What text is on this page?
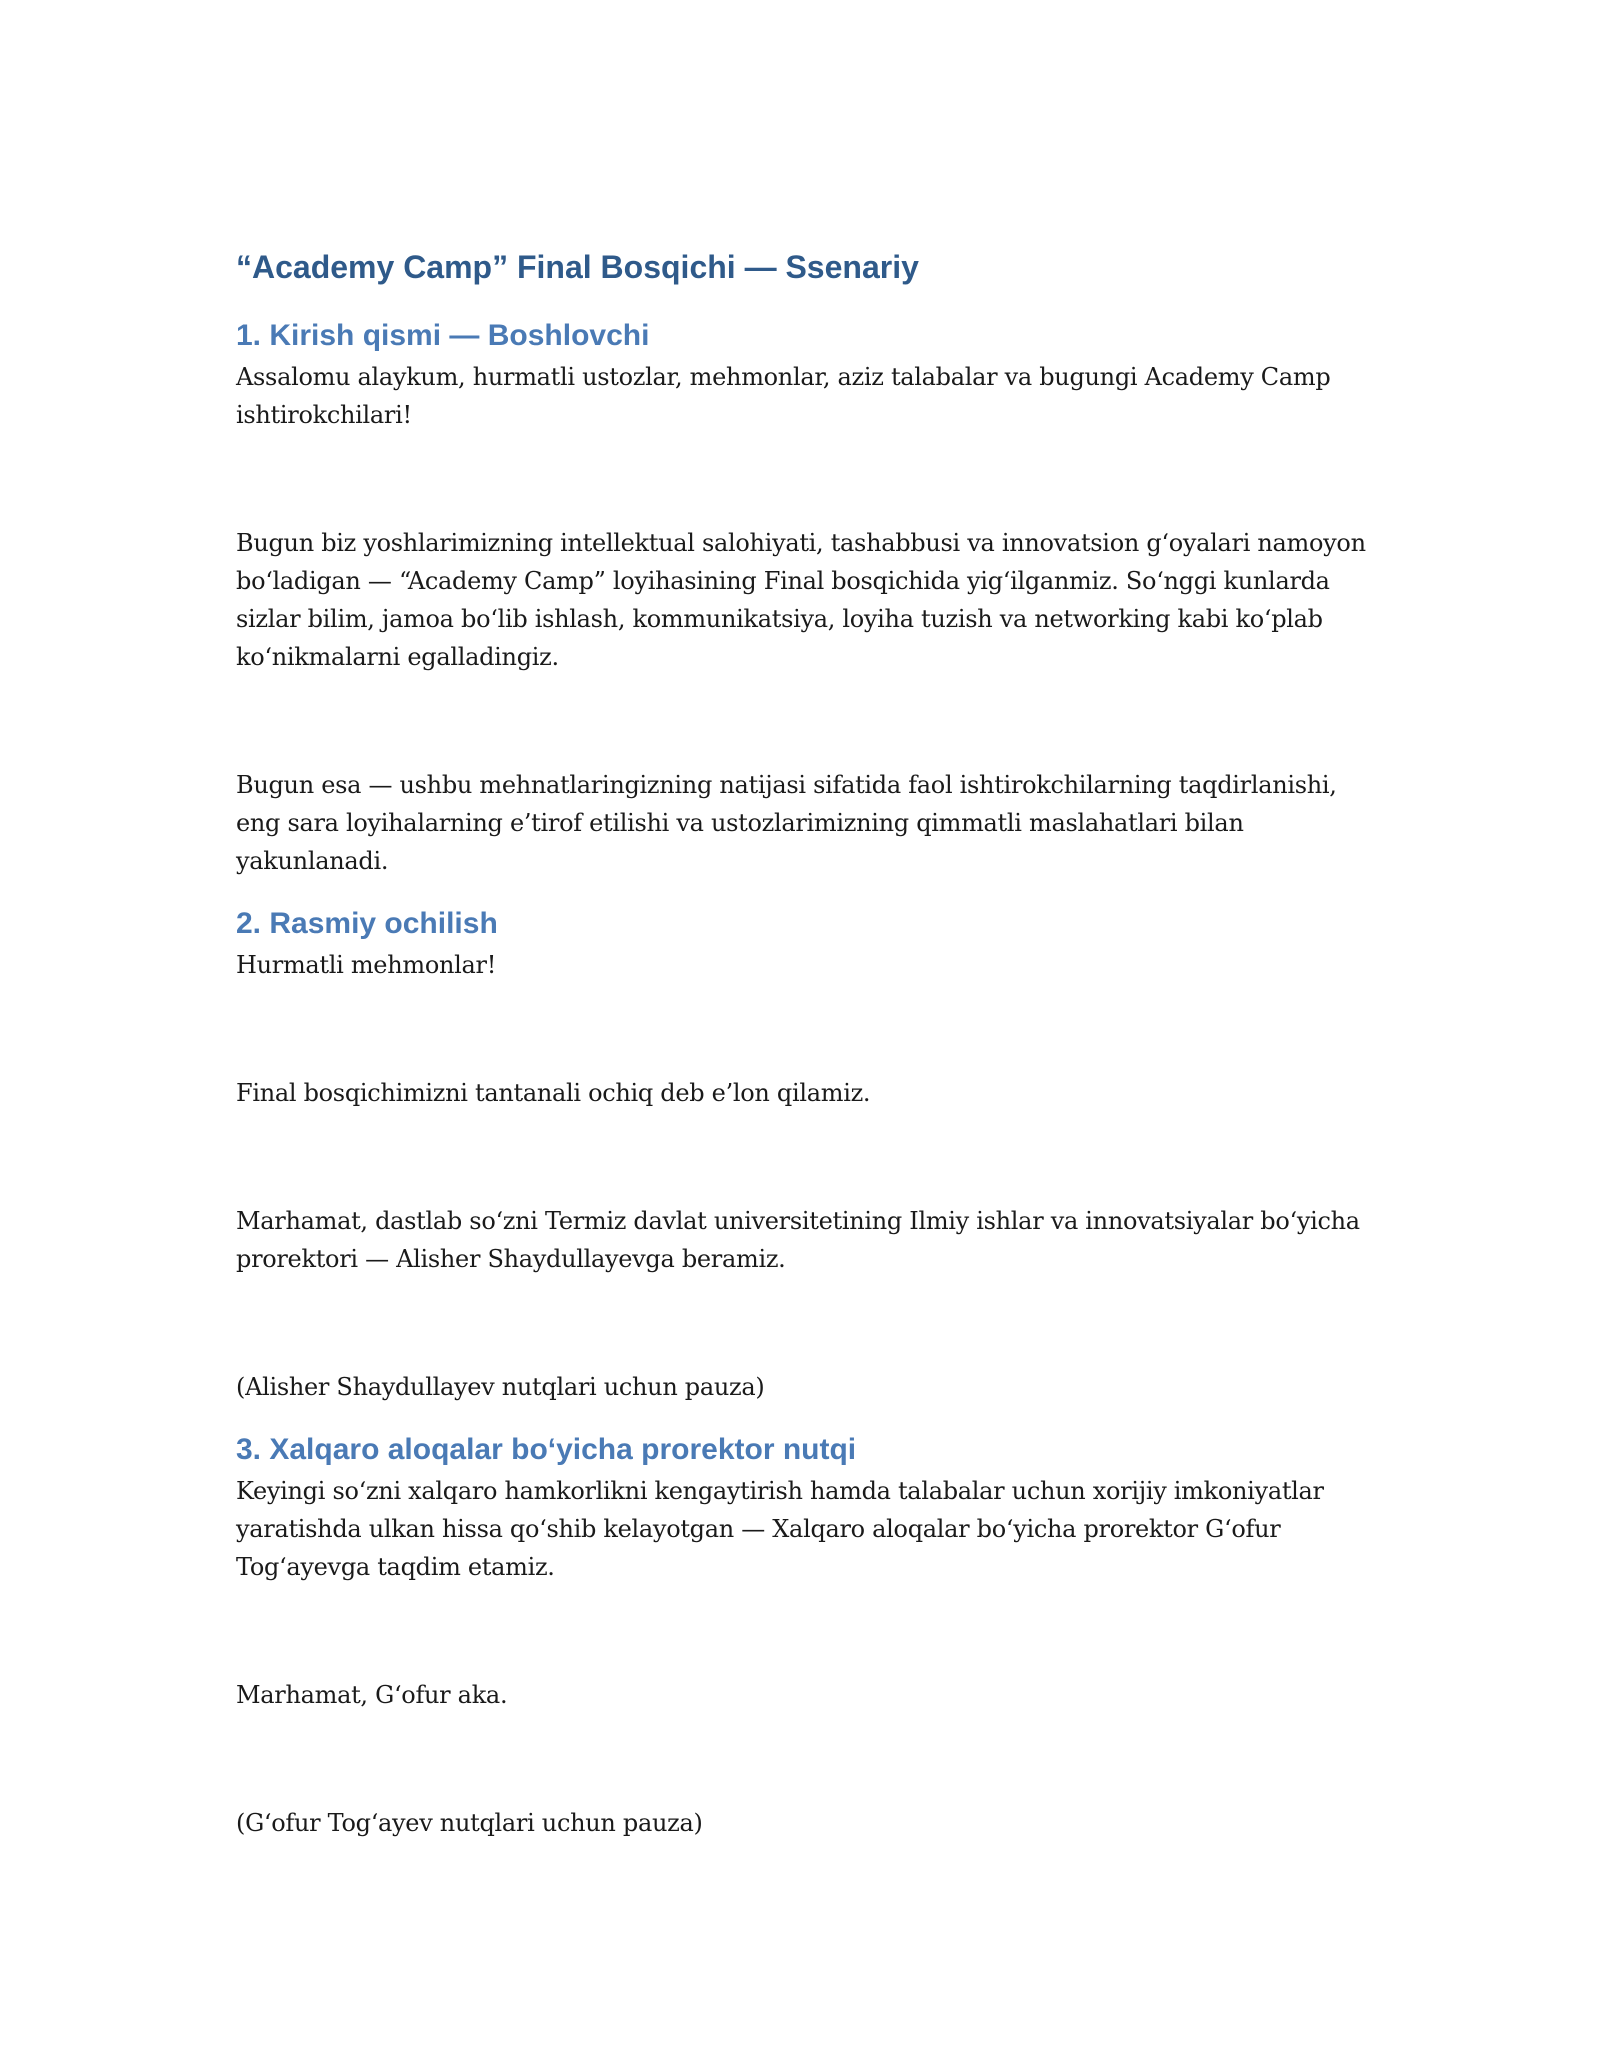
“Academy Camp” Final Bosqichi — Ssenariy
1. Kirish qismi — Boshlovchi

Assalomu alaykum, hurmatli ustozlar, mehmonlar, aziz talabalar va bugungi Academy Camp ishtirokchilari!

Bugun biz yoshlarimizning intellektual salohiyati, tashabbusi va innovatsion g‘oyalari namoyon bo‘ladigan — “Academy Camp” loyihasining Final bosqichida yig‘ilganmiz. So‘nggi kunlarda sizlar bilim, jamoa bo‘lib ishlash, kommunikatsiya, loyiha tuzish va networking kabi ko‘plab ko‘nikmalarni egalladingiz.

Bugun esa — ushbu mehnatlaringizning natijasi sifatida faol ishtirokchilarning taqdirlanishi, eng sara loyihalarning e’tirof etilishi va ustozlarimizning qimmatli maslahatlari bilan yakunlanadi.

2. Rasmiy ochilish

Hurmatli mehmonlar!

Final bosqichimizni tantanali ochiq deb e’lon qilamiz.

Marhamat, dastlab so‘zni Termiz davlat universitetining Ilmiy ishlar va innovatsiyalar bo‘yicha prorektori — Alisher Shaydullayevga beramiz.

(Alisher Shaydullayev nutqlari uchun pauza)

3. Xalqaro aloqalar bo‘yicha prorektor nutqi

Keyingi so‘zni xalqaro hamkorlikni kengaytirish hamda talabalar uchun xorijiy imkoniyatlar yaratishda ulkan hissa qo‘shib kelayotgan — Xalqaro aloqalar bo‘yicha prorektor G‘ofur Tog‘ayevga taqdim etamiz.

Marhamat, G‘ofur aka.

(G‘ofur Tog‘ayev nutqlari uchun pauza)
